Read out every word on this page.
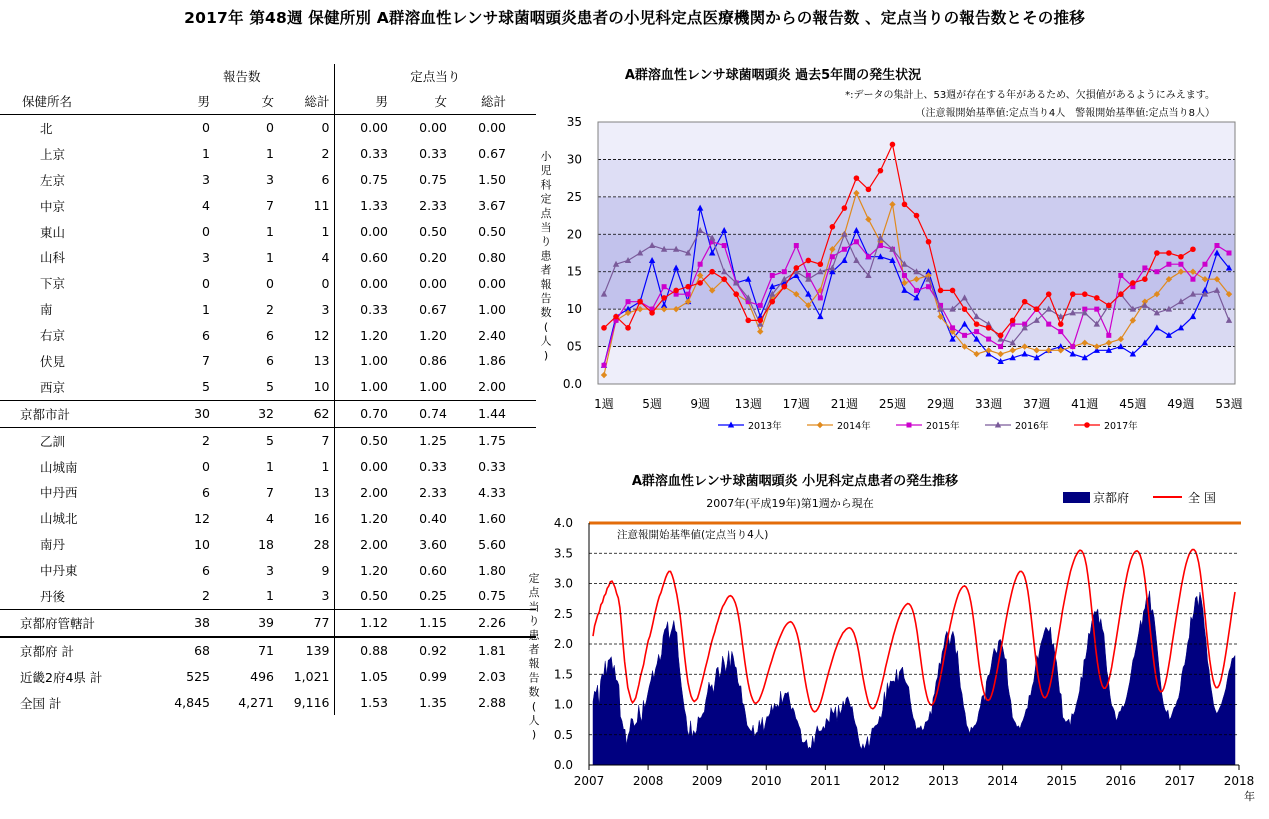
2017年 第48週 保健所別 A群溶血性レンサ球菌咽頭炎患者の小児科定点医療機関からの報告数 、定点当りの報告数とその推移
	報告数			定点当り			
保健所名	男	女	総計	男	女	総計	
北	0	0	0	0.00	0.00	0.00	
上京	1	1	2	0.33	0.33	0.67	
左京	3	3	6	0.75	0.75	1.50	
中京	4	7	11	1.33	2.33	3.67	
東山	0	1	1	0.00	0.50	0.50	
山科	3	1	4	0.60	0.20	0.80	
下京	0	0	0	0.00	0.00	0.00	
南	1	2	3	0.33	0.67	1.00	
右京	6	6	12	1.20	1.20	2.40	
伏見	7	6	13	1.00	0.86	1.86	
西京	5	5	10	1.00	1.00	2.00	
京都市計	30	32	62	0.70	0.74	1.44	
乙訓	2	5	7	0.50	1.25	1.75	
山城南	0	1	1	0.00	0.33	0.33	
中丹西	6	7	13	2.00	2.33	4.33	
山城北	12	4	16	1.20	0.40	1.60	
南丹	10	18	28	2.00	3.60	5.60	
中丹東	6	3	9	1.20	0.60	1.80	
丹後	2	1	3	0.50	0.25	0.75	
京都府管轄計	38	39	77	1.12	1.15	2.26	
京都府 計	68	71	139	0.88	0.92	1.81	
近畿2府4県 計	525	496	1,021	1.05	0.99	2.03	
全国 計	4,845	4,271	9,116	1.53	1.35	2.88	
0.0
05
10
15
20
25
30
35
1週 5週 9週 13週 17週 21週 25週 29週 33週 37週 41週 45週 49週 53週
A群溶血性レンサ球菌咽頭炎 過去5年間の発生状況
*:データの集計上、53週が存在する年があるため、欠損値があるようにみえます。
（注意報開始基準値:定点当り4人　警報開始基準値:定点当り8人）
小
児
科
定
点
当
り
患
者
報
告
数
(
人
)
2013年	2014年	2015年	2016年	2017年
0.0
0.5
1.0
1.5
2.0
2.5
3.0
3.5
4.0
2007 2008 2009 2010 2011 2012 2013 2014 2015 2016 2017 2018
A群溶血性レンサ球菌咽頭炎 小児科定点患者の発生推移
2007年(平成19年)第1週から現在
注意報開始基準値(定点当り4人)
年
定
点
当
り
患
者
報
告
数
(
人
)
京都府	全 国
